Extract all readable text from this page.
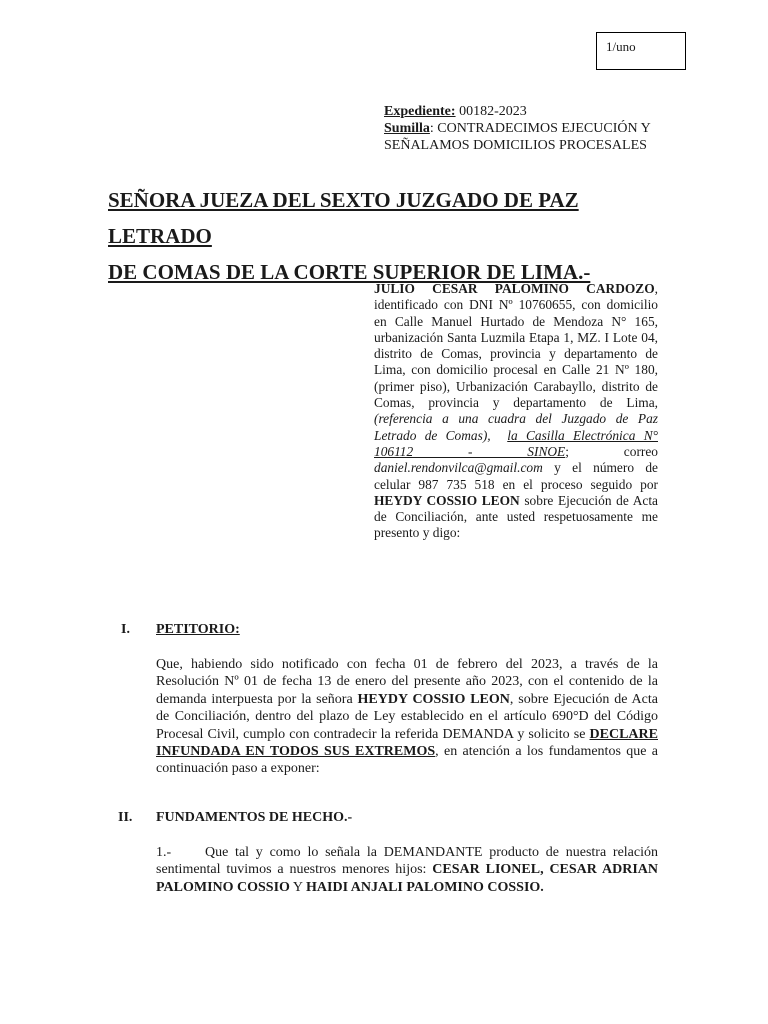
1/uno
Expediente: 00182-2023
Sumilla: CONTRADECIMOS EJECUCIÓN Y SEÑALAMOS DOMICILIOS PROCESALES
SEÑORA JUEZA DEL SEXTO JUZGADO DE PAZ LETRADO
DE COMAS DE LA CORTE SUPERIOR DE LIMA.-
JULIO CESAR PALOMINO CARDOZO, identificado con DNI Nº 10760655, con domicilio en Calle Manuel Hurtado de Mendoza N° 165, urbanización Santa Luzmila Etapa 1, MZ. I Lote 04, distrito de Comas, provincia y departamento de Lima, con domicilio procesal en Calle 21 Nº 180, (primer piso), Urbanización Carabayllo, distrito de Comas, provincia y departamento de Lima, (referencia a una cuadra del Juzgado de Paz Letrado de Comas), la Casilla Electrónica N° 106112 - SINOE; correo daniel.rendonvilca@gmail.com y el número de celular 987 735 518 en el proceso seguido por HEYDY COSSIO LEON sobre Ejecución de Acta de Conciliación, ante usted respetuosamente me presento y digo:
I. PETITORIO:
Que, habiendo sido notificado con fecha 01 de febrero del 2023, a través de la Resolución Nº 01 de fecha 13 de enero del presente año 2023, con el contenido de la demanda interpuesta por la señora HEYDY COSSIO LEON, sobre Ejecución de Acta de Conciliación, dentro del plazo de Ley establecido en el artículo 690°D del Código Procesal Civil, cumplo con contradecir la referida DEMANDA y solicito se DECLARE INFUNDADA EN TODOS SUS EXTREMOS, en atención a los fundamentos que a continuación paso a exponer:
II. FUNDAMENTOS DE HECHO.-
1.-     Que tal y como lo señala la DEMANDANTE producto de nuestra relación sentimental tuvimos a nuestros menores hijos: CESAR LIONEL, CESAR ADRIAN PALOMINO COSSIO Y HAIDI ANJALI PALOMINO COSSIO.
